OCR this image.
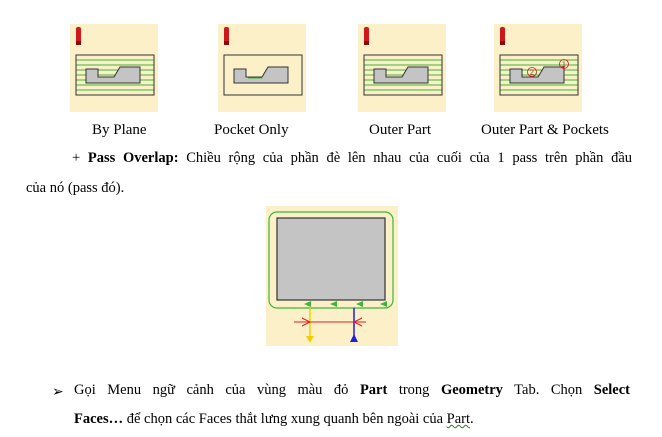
2
1
By Plane	Pocket Only	Outer Part	Outer Part & Pockets
+ Pass Overlap: Chiều rộng của phần đè lên nhau của cuối của 1 pass trên phần đầu
của nó (pass đó).
➢ Gọi Menu ngữ cảnh của vùng màu đỏ Part trong Geometry Tab. Chọn Select
Faces… để chọn các Faces thắt lưng xung quanh bên ngoài của Part.
